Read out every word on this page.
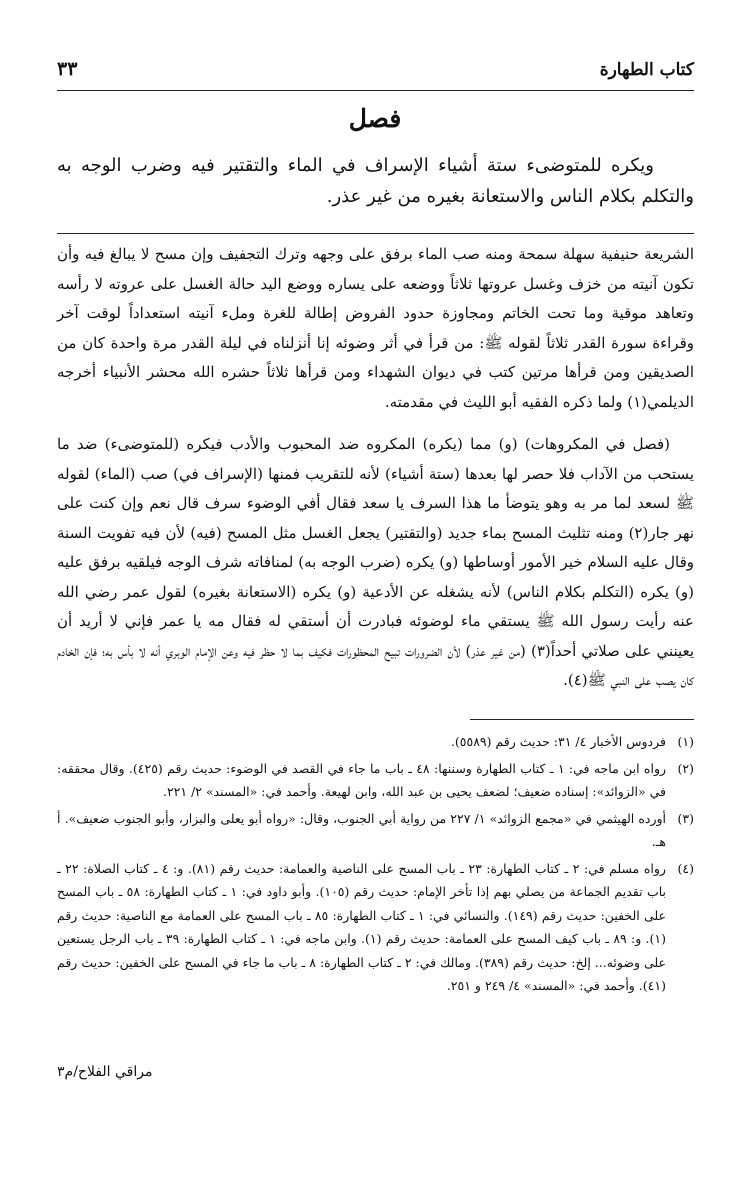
كتاب الطهارة
٣٣
فصل

ويكره للمتوضىء ستة أشياء الإسراف في الماء والتقتير فيه وضرب الوجه به والتكلم بكلام الناس والاستعانة بغيره من غير عذر.

الشريعة حنيفية سهلة سمحة ومنه صب الماء برفق على وجهه وترك التجفيف وإن مسح لا يبالغ فيه وأن تكون آنيته من خزف وغسل عروتها ثلاثاً ووضعه على يساره ووضع اليد حالة الغسل على عروته لا رأسه وتعاهد موقية وما تحت الخاتم ومجاوزة حدود الفروض إطالة للغرة وملء آنيته استعداداً لوقت آخر وقراءة سورة القدر ثلاثاً لقوله ﷺ: من قرأ في أثر وضوئه إنا أنزلناه في ليلة القدر مرة واحدة كان من الصديقين ومن قرأها مرتين كتب في ديوان الشهداء ومن قرأها ثلاثاً حشره الله محشر الأنبياء أخرجه الديلمي(١) ولما ذكره الفقيه أبو الليث في مقدمته.

(فصل في المكروهات) (و) مما (يكره) المكروه ضد المحبوب والأدب فيكره (للمتوضىء) ضد ما يستحب من الآداب فلا حصر لها بعدها (ستة أشياء) لأنه للتقريب فمنها (الإسراف في) صب (الماء) لقوله ﷺ لسعد لما مر به وهو يتوضأ ما هذا السرف يا سعد فقال أفي الوضوء سرف قال نعم وإن كنت على نهر جار(٢) ومنه تثليث المسح بماء جديد (والتقتير) يجعل الغسل مثل المسح (فيه) لأن فيه تفويت السنة وقال عليه السلام خير الأمور أوساطها (و) يكره (ضرب الوجه به) لمنافاته شرف الوجه فيلقيه برفق عليه (و) يكره (التكلم بكلام الناس) لأنه يشغله عن الأدعية (و) يكره (الاستعانة بغيره) لقول عمر رضي الله عنه رأيت رسول الله ﷺ يستقي ماء لوضوئه فبادرت أن أستقي له فقال مه يا عمر فإني لا أريد أن يعينني على صلاتي أحداً(٣) (من غير عذر) لأن الضرورات تبيح المحظورات فكيف بما لا حظر فيه وعن الإمام الوبري أنه لا بأس به؛ فإن الخادم كان يصب على النبي ﷺ(٤).

(١)
فردوس الأخبار ٤/ ٣١: حديث رقم (٥٥٨٩).
(٢)
رواه ابن ماجه في: ١ ـ كتاب الطهارة وسننها: ٤٨ ـ باب ما جاء في القصد في الوضوء: حديث رقم (٤٢٥). وقال محققه: في «الزوائد»: إسناده ضعيف؛ لضعف يحيى بن عبد الله، وابن لهيعة. وأحمد في: «المسند» ٢/ ٢٢١.
(٣)
أورده الهيثمي في «مجمع الزوائد» ١/ ٢٢٧ من رواية أبي الجنوب، وقال: «رواه أبو يعلى والبزار، وأبو الجنوب ضعيف». أ هـ.
(٤)
رواه مسلم في: ٢ ـ كتاب الطهارة: ٢٣ ـ باب المسح على الناصية والعمامة: حديث رقم (٨١). و: ٤ ـ كتاب الصلاة: ٢٢ ـ باب تقديم الجماعة من يصلي بهم إذا تأخر الإمام: حديث رقم (١٠٥). وأبو داود في: ١ ـ كتاب الطهارة: ٥٨ ـ باب المسح على الخفين: حديث رقم (١٤٩). والنسائي في: ١ ـ كتاب الطهارة: ٨٥ ـ باب المسح على العمامة مع الناصية: حديث رقم (١). و: ٨٩ ـ باب كيف المسح على العمامة: حديث رقم (١). وابن ماجه في: ١ ـ كتاب الطهارة: ٣٩ ـ باب الرجل يستعين على وضوئه... إلخ: حديث رقم (٣٨٩). ومالك في: ٢ ـ كتاب الطهارة: ٨ ـ باب ما جاء في المسح على الخفين: حديث رقم (٤١). وأحمد في: «المسند» ٤/ ٢٤٩ و ٢٥١.
مراقي الفلاح/م٣
